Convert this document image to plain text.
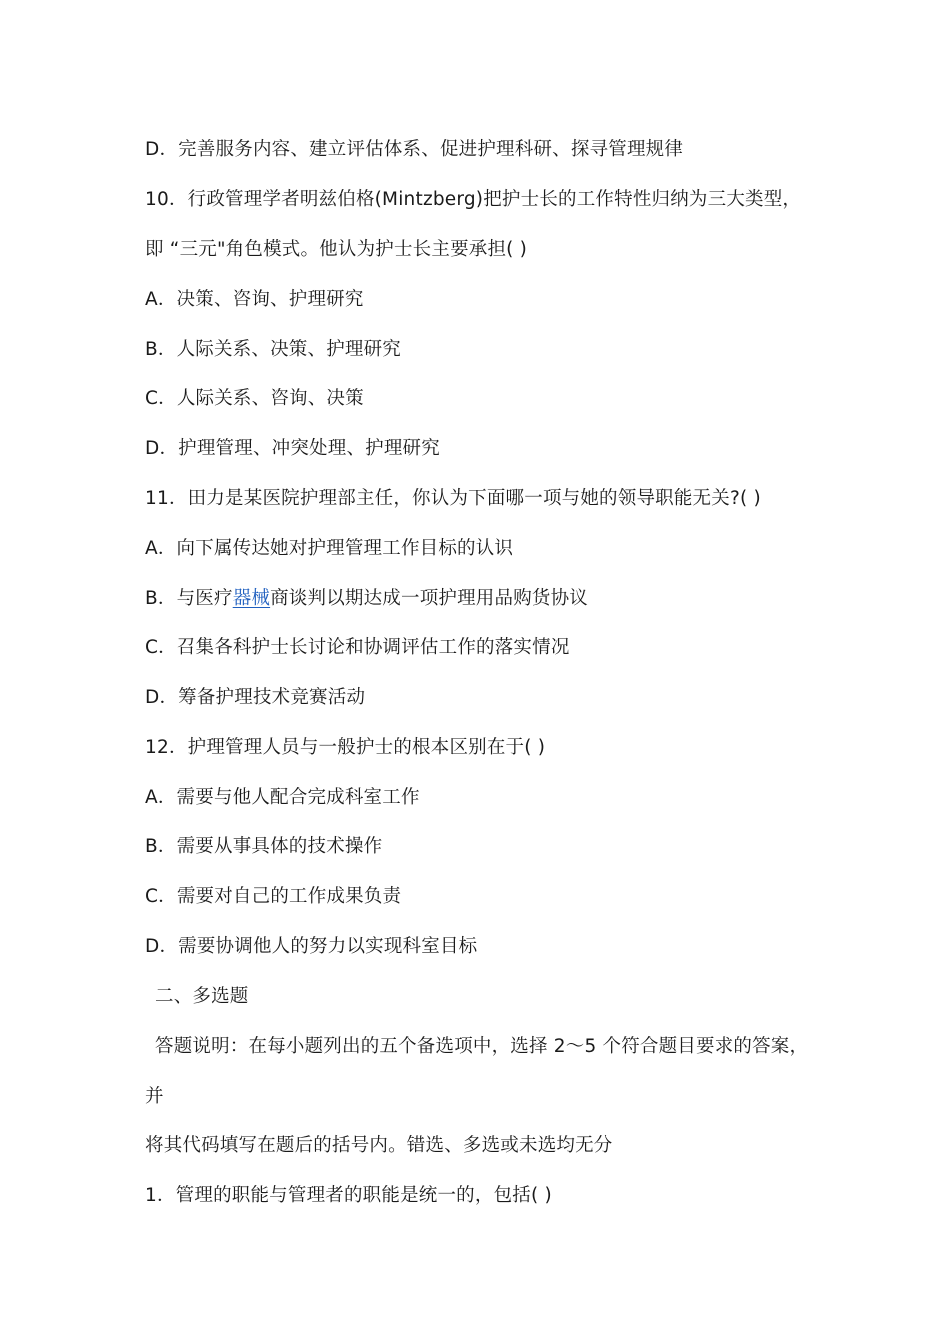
D．完善服务内容、建立评估体系、促进护理科研、探寻管理规律
10．行政管理学者明兹伯格(Mintzberg)把护士长的工作特性归纳为三大类型，
即 “三元"角色模式。他认为护士长主要承担( )
A．决策、咨询、护理研究
B．人际关系、决策、护理研究
C．人际关系、咨询、决策
D．护理管理、冲突处理、护理研究
11．田力是某医院护理部主任，你认为下面哪一项与她的领导职能无关?( )
A．向下属传达她对护理管理工作目标的认识
B．与医疗器械商谈判以期达成一项护理用品购货协议
C．召集各科护士长讨论和协调评估工作的落实情况
D．筹备护理技术竞赛活动
12．护理管理人员与一般护士的根本区别在于( )
A．需要与他人配合完成科室工作
B．需要从事具体的技术操作
C．需要对自己的工作成果负责
D．需要协调他人的努力以实现科室目标
二、多选题
答题说明：在每小题列出的五个备选项中，选择 2～5 个符合题目要求的答案，
并
将其代码填写在题后的括号内。错选、多选或未选均无分
1．管理的职能与管理者的职能是统一的，包括( )
